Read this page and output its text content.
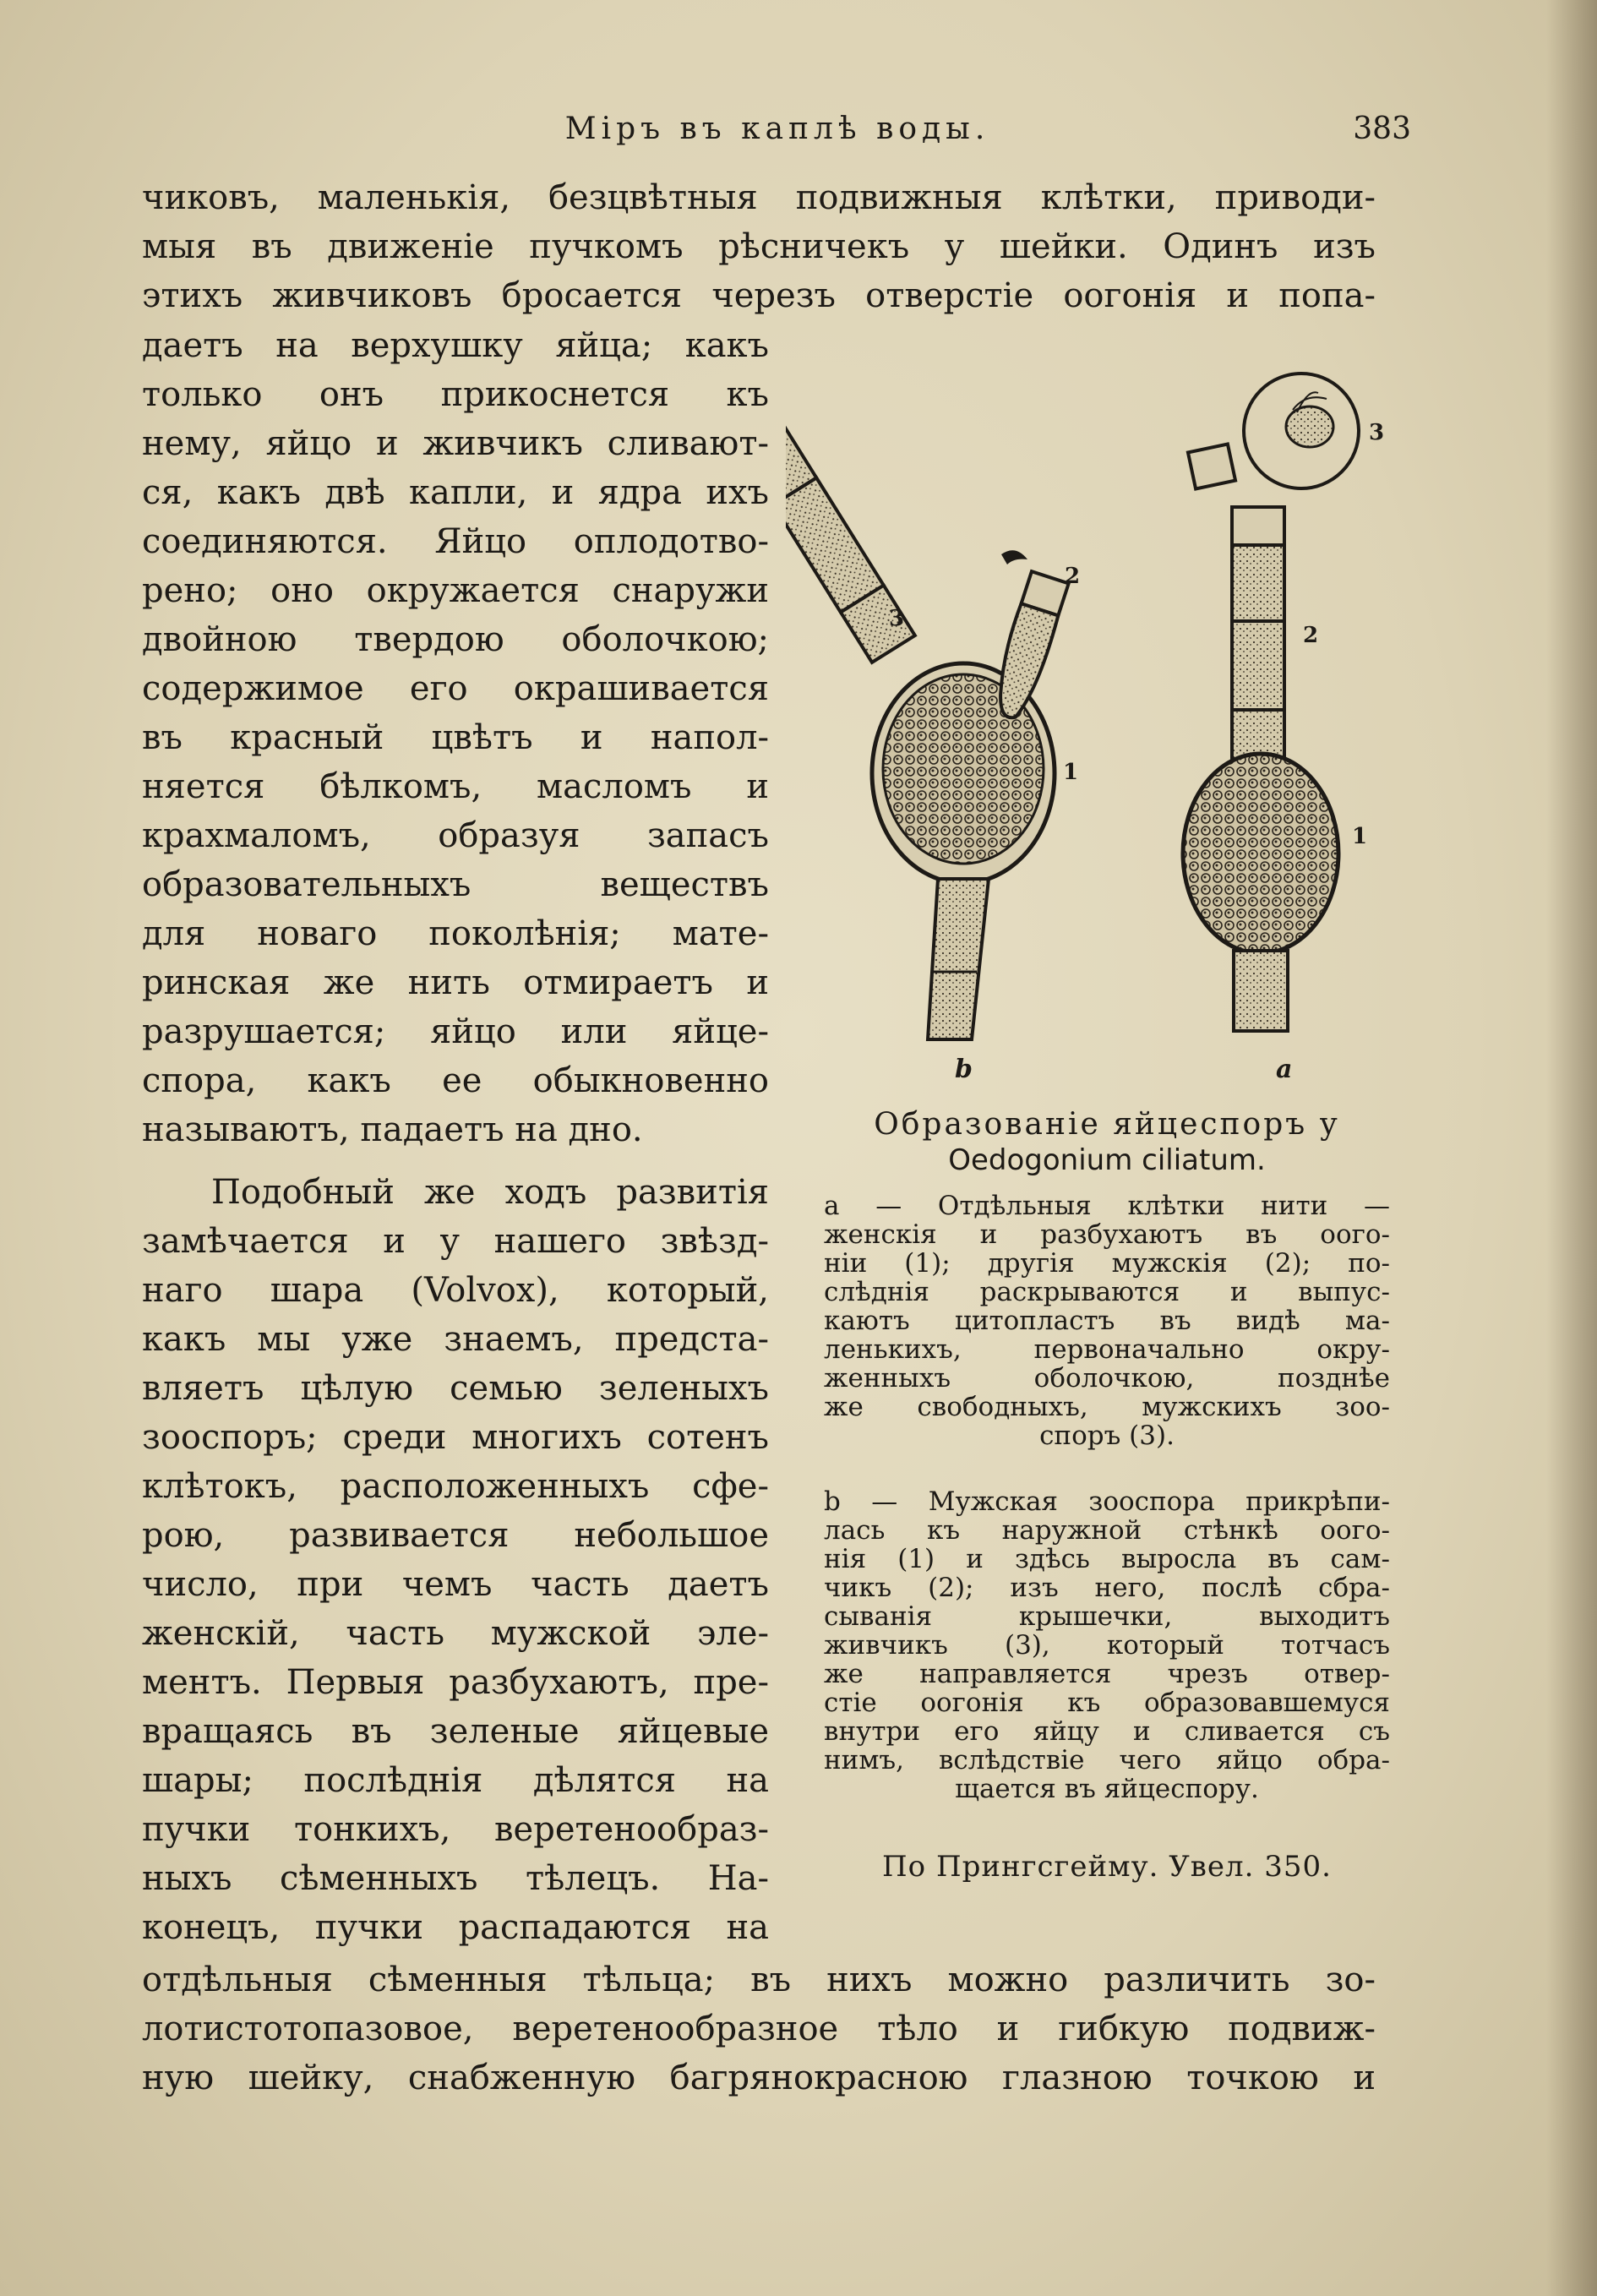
Міръ въ каплѣ воды.	383
чиковъ, маленькія, безцвѣтныя подвижныя клѣтки, приводи-
мыя въ движеніе пучкомъ рѣсничекъ у шейки. Одинъ изъ
этихъ живчиковъ бросается черезъ отверстіе оогонія и попа-
даетъ на верхушку яйца; какъ
только онъ прикоснется къ
нему, яйцо и живчикъ сливают-
ся, какъ двѣ капли, и ядра ихъ
соединяются. Яйцо оплодотво-
рено; оно окружается снаружи
двойною твердою оболочкою;
содержимое его окрашивается
въ красный цвѣтъ и напол-
няется бѣлкомъ, масломъ и
крахмаломъ, образуя запасъ
образовательныхъ веществъ
для новаго поколѣнія; мате-
ринская же нить отмираетъ и
разрушается; яйцо или яйце-
спора, какъ ее обыкновенно
называютъ, падаетъ на дно.
Подобный же ходъ развитія
замѣчается и у нашего звѣзд-
наго шара (Volvox), который,
какъ мы уже знаемъ, предста-
вляетъ цѣлую семью зеленыхъ
зооспоръ; среди многихъ сотенъ
клѣтокъ, расположенныхъ сфе-
рою, развивается небольшое
число, при чемъ часть даетъ
женскій, часть мужской эле-
ментъ. Первыя разбухаютъ, пре-
вращаясь въ зеленые яйцевые
шары; послѣднія дѣлятся на
пучки тонкихъ, веретенообраз-
ныхъ сѣменныхъ тѣлецъ. На-
конецъ, пучки распадаются на
отдѣльныя сѣменныя тѣльца; въ нихъ можно различить зо-
лотистотопазовое, веретенообразное тѣло и гибкую подвиж-
ную шейку, снабженную багрянокрасною глазною точкою и
2
3
1
b
3
2
1
a
Образованіе яйцеспоръ у
Oedogonium ciliatum.
a — Отдѣльныя клѣтки нити —
женскія и разбухаютъ въ оого-
ніи (1); другія мужскія (2); по-
слѣднія раскрываются и выпус-
каютъ цитопластъ въ видѣ ма-
ленькихъ, первоначально окру-
женныхъ оболочкою, позднѣе
же свободныхъ, мужскихъ зоо-
споръ (3).
b — Мужская зооспора прикрѣпи-
лась къ наружной стѣнкѣ оого-
нія (1) и здѣсь выросла въ сам-
чикъ (2); изъ него, послѣ сбра-
сыванія крышечки, выходитъ
живчикъ (3), который тотчасъ
же направляется чрезъ отвер-
стіе оогонія къ образовавшемуся
внутри его яйцу и сливается съ
нимъ, вслѣдствіе чего яйцо обра-
щается въ яйцеспору.
По Прингсгейму. Увел. 350.
